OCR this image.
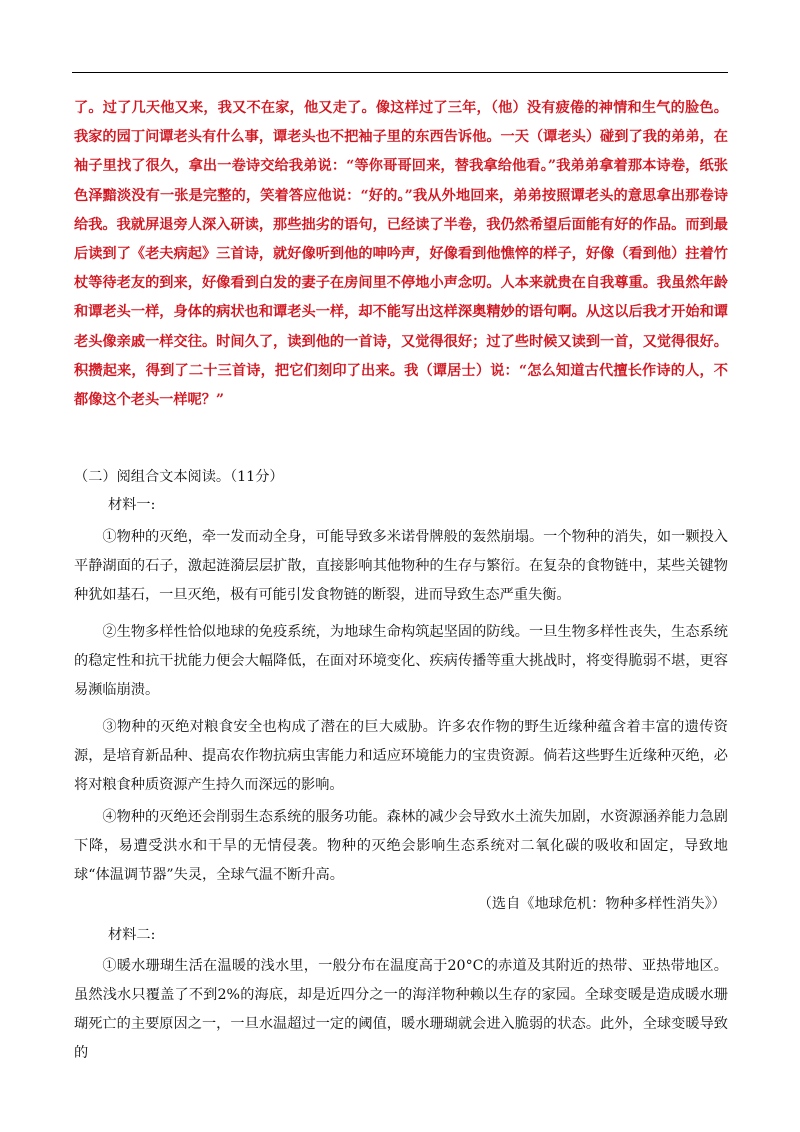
了。过了几天他又来，我又不在家，他又走了。像这样过了三年，（他）没有疲倦的神情和生气的脸色。我家的园丁问谭老头有什么事，谭老头也不把袖子里的东西告诉他。一天（谭老头）碰到了我的弟弟，在袖子里找了很久，拿出一卷诗交给我弟说：“等你哥哥回来，替我拿给他看。”我弟弟拿着那本诗卷，纸张色泽黯淡没有一张是完整的，笑着答应他说：“好的。”我从外地回来，弟弟按照谭老头的意思拿出那卷诗给我。我就屏退旁人深入研读，那些拙劣的语句，已经读了半卷，我仍然希望后面能有好的作品。而到最后读到了《老夫病起》三首诗，就好像听到他的呻吟声，好像看到他憔悴的样子，好像（看到他）拄着竹杖等待老友的到来，好像看到白发的妻子在房间里不停地小声念叨。人本来就贵在自我尊重。我虽然年龄和谭老头一样，身体的病状也和谭老头一样，却不能写出这样深奥精妙的语句啊。从这以后我才开始和谭老头像亲戚一样交往。时间久了，读到他的一首诗，又觉得很好；过了些时候又读到一首，又觉得很好。积攒起来，得到了二十三首诗，把它们刻印了出来。我（谭居士）说：“怎么知道古代擅长作诗的人，不都像这个老头一样呢？”

（二）阅组合文本阅读。（11分）
材料一:

①物种的灭绝，牵一发而动全身，可能导致多米诺骨牌般的轰然崩塌。一个物种的消失，如一颗投入平静湖面的石子，激起涟漪层层扩散，直接影响其他物种的生存与繁衍。在复杂的食物链中，某些关键物种犹如基石，一旦灭绝，极有可能引发食物链的断裂，进而导致生态严重失衡。

②生物多样性恰似地球的免疫系统，为地球生命构筑起坚固的防线。一旦生物多样性丧失，生态系统的稳定性和抗干扰能力便会大幅降低，在面对环境变化、疾病传播等重大挑战时，将变得脆弱不堪，更容易濒临崩溃。

③物种的灭绝对粮食安全也构成了潜在的巨大威胁。许多农作物的野生近缘种蕴含着丰富的遗传资源，是培育新品种、提高农作物抗病虫害能力和适应环境能力的宝贵资源。倘若这些野生近缘种灭绝，必将对粮食种质资源产生持久而深远的影响。

④物种的灭绝还会削弱生态系统的服务功能。森林的减少会导致水土流失加剧，水资源涵养能力急剧下降，易遭受洪水和干旱的无情侵袭。物种的灭绝会影响生态系统对二氧化碳的吸收和固定，导致地球“体温调节器”失灵，全球气温不断升高。

（选自《地球危机：物种多样性消失》）
材料二:

①暖水珊瑚生活在温暖的浅水里，一般分布在温度高于20°C的赤道及其附近的热带、亚热带地区。虽然浅水只覆盖了不到2%的海底，却是近四分之一的海洋物种赖以生存的家园。全球变暖是造成暖水珊瑚死亡的主要原因之一，一旦水温超过一定的阈值，暖水珊瑚就会进入脆弱的状态。此外，全球变暖导致的
